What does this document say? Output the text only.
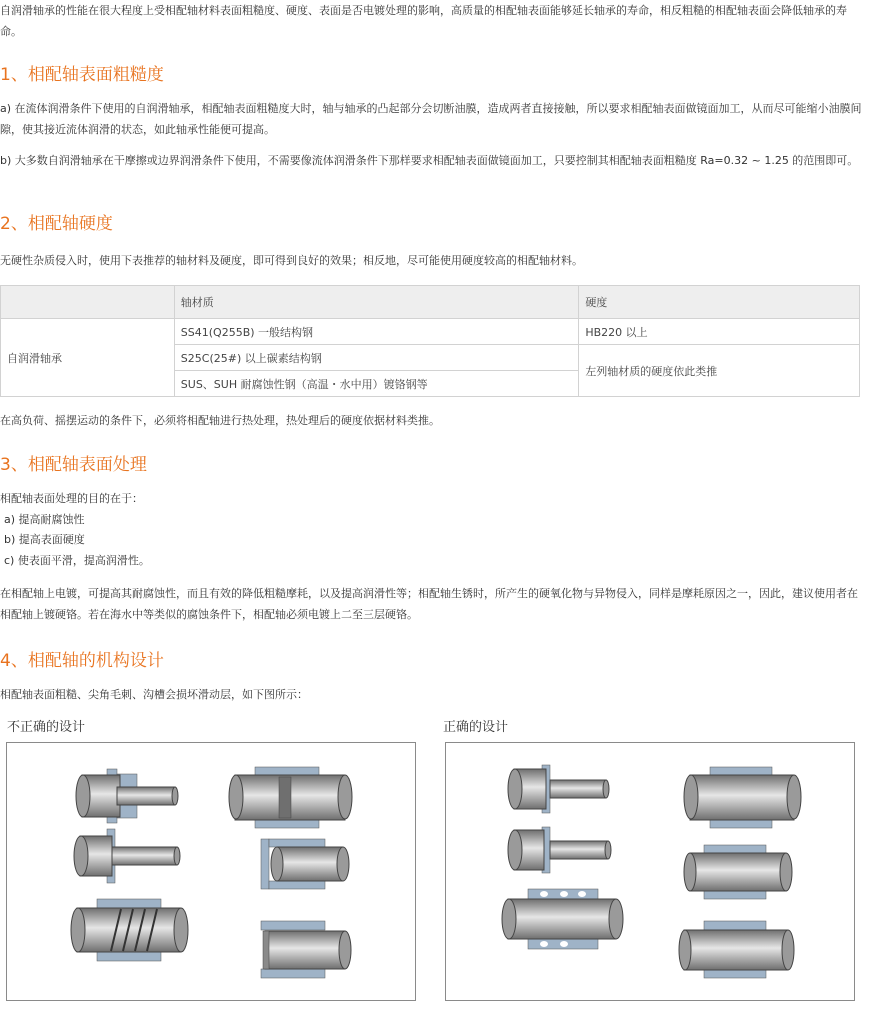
自润滑轴承的性能在很大程度上受相配轴材料表面粗糙度、硬度、表面是否电镀处理的影响，高质量的相配轴表面能够延长轴承的寿命，相反粗糙的相配轴表面会降低轴承的寿命。

1、相配轴表面粗糙度

a) 在流体润滑条件下使用的自润滑轴承，相配轴表面粗糙度大时，轴与轴承的凸起部分会切断油膜，造成两者直接接触，所以要求相配轴表面做镜面加工，从而尽可能缩小油膜间隙，使其接近流体润滑的状态，如此轴承性能便可提高。

b) 大多数自润滑轴承在干摩擦或边界润滑条件下使用，不需要像流体润滑条件下那样要求相配轴表面做镜面加工，只要控制其相配轴表面粗糙度 Ra=0.32 ~ 1.25 的范围即可。

2、相配轴硬度

无硬性杂质侵入时，使用下表推荐的轴材料及硬度，即可得到良好的效果；相反地，尽可能使用硬度较高的相配轴材料。

	轴材质	硬度
自润滑轴承	SS41(Q255B) 一般结构钢	HB220 以上
	S25C(25#) 以上碳素结构钢	左列轴材质的硬度依此类推
	SUS、SUH 耐腐蚀性钢（高温・水中用）镀铬钢等	

在高负荷、摇摆运动的条件下，必须将相配轴进行热处理，热处理后的硬度依据材料类推。

3、相配轴表面处理
相配轴表面处理的目的在于：
a) 提高耐腐蚀性
b) 提高表面硬度
c) 使表面平滑，提高润滑性。

在相配轴上电镀，可提高其耐腐蚀性，而且有效的降低粗糙摩耗，以及提高润滑性等；相配轴生锈时，所产生的硬氧化物与异物侵入，同样是摩耗原因之一，因此，建议使用者在相配轴上镀硬铬。若在海水中等类似的腐蚀条件下，相配轴必须电镀上二至三层硬铬。

4、相配轴的机构设计

相配轴表面粗糙、尖角毛刺、沟槽会损坏滑动层，如下图所示：

不正确的设计	正确的设计
